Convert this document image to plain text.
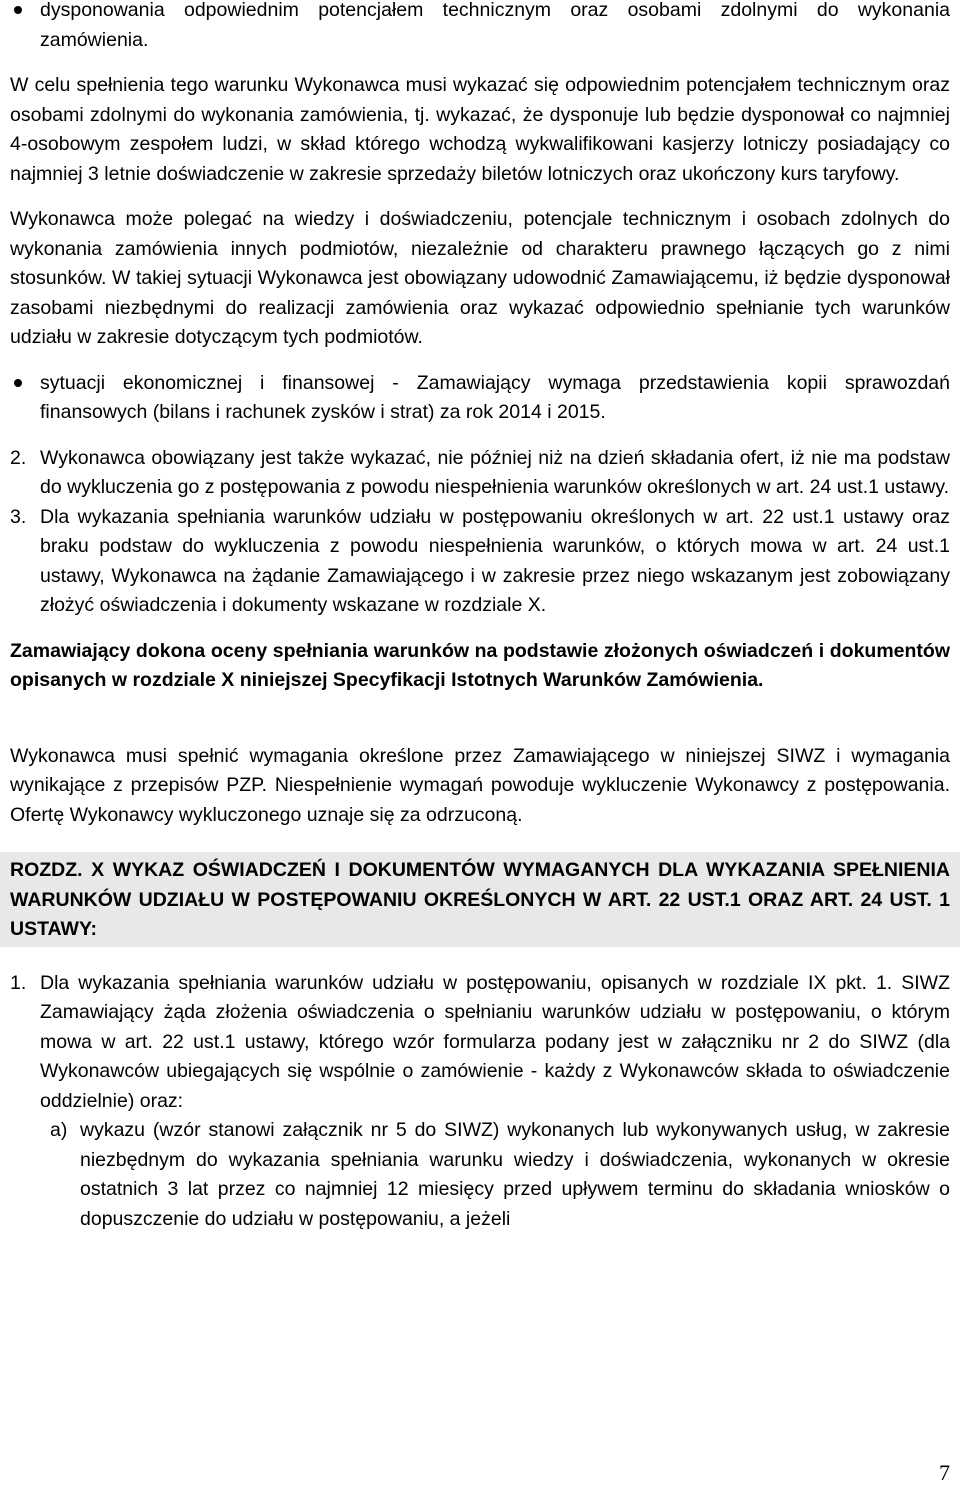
dysponowania odpowiednim potencjałem technicznym oraz osobami zdolnymi do wykonania zamówienia.

W celu spełnienia tego warunku Wykonawca musi wykazać się odpowiednim potencjałem technicznym oraz osobami zdolnymi do wykonania zamówienia, tj. wykazać, że dysponuje lub będzie dysponował co najmniej 4-osobowym zespołem ludzi, w skład którego wchodzą wykwalifikowani kasjerzy lotniczy posiadający co najmniej 3 letnie doświadczenie w zakresie sprzedaży biletów lotniczych oraz ukończony kurs taryfowy.

Wykonawca może polegać na wiedzy i doświadczeniu, potencjale technicznym i osobach zdolnych do wykonania zamówienia innych podmiotów, niezależnie od charakteru prawnego łączących go z nimi stosunków. W takiej sytuacji Wykonawca jest obowiązany udowodnić Zamawiającemu, iż będzie dysponował zasobami niezbędnymi do realizacji zamówienia oraz wykazać odpowiednio spełnianie tych warunków udziału w zakresie dotyczącym tych podmiotów.

sytuacji ekonomicznej i finansowej - Zamawiający wymaga przedstawienia kopii sprawozdań finansowych (bilans i rachunek zysków i strat) za rok 2014 i 2015.
2. Wykonawca obowiązany jest także wykazać, nie później niż na dzień składania ofert, iż nie ma podstaw do wykluczenia go z postępowania z powodu niespełnienia warunków określonych w art. 24 ust.1 ustawy.
3. Dla wykazania spełniania warunków udziału w postępowaniu określonych w art. 22 ust.1 ustawy oraz braku podstaw do wykluczenia z powodu niespełnienia warunków, o których mowa w art. 24 ust.1 ustawy, Wykonawca na żądanie Zamawiającego i w zakresie przez niego wskazanym jest zobowiązany złożyć oświadczenia i dokumenty wskazane w rozdziale X.

Zamawiający dokona oceny spełniania warunków na podstawie złożonych oświadczeń i dokumentów opisanych w rozdziale X niniejszej Specyfikacji Istotnych Warunków Zamówienia.

Wykonawca musi spełnić wymagania określone przez Zamawiającego w niniejszej SIWZ i wymagania wynikające z przepisów PZP. Niespełnienie wymagań powoduje wykluczenie Wykonawcy z postępowania. Ofertę Wykonawcy wykluczonego uznaje się za odrzuconą.

ROZDZ. X WYKAZ OŚWIADCZEŃ I DOKUMENTÓW WYMAGANYCH DLA WYKAZANIA SPEŁNIENIA WARUNKÓW UDZIAŁU W POSTĘPOWANIU OKREŚLONYCH W ART. 22 UST.1 ORAZ ART. 24 UST. 1 USTAWY:
1. Dla wykazania spełniania warunków udziału w postępowaniu, opisanych w rozdziale IX pkt. 1. SIWZ Zamawiający żąda złożenia oświadczenia o spełnianiu warunków udziału w postępowaniu, o którym mowa w art. 22 ust.1 ustawy, którego wzór formularza podany jest w załączniku nr 2 do SIWZ (dla Wykonawców ubiegających się wspólnie o zamówienie - każdy z Wykonawców składa to oświadczenie oddzielnie) oraz:
a) wykazu (wzór stanowi załącznik nr 5 do SIWZ) wykonanych lub wykonywanych usług, w zakresie niezbędnym do wykazania spełniania warunku wiedzy i doświadczenia, wykonanych w okresie ostatnich 3 lat przez co najmniej 12 miesięcy przed upływem terminu do składania wniosków o dopuszczenie do udziału w postępowaniu, a jeżeli
7
